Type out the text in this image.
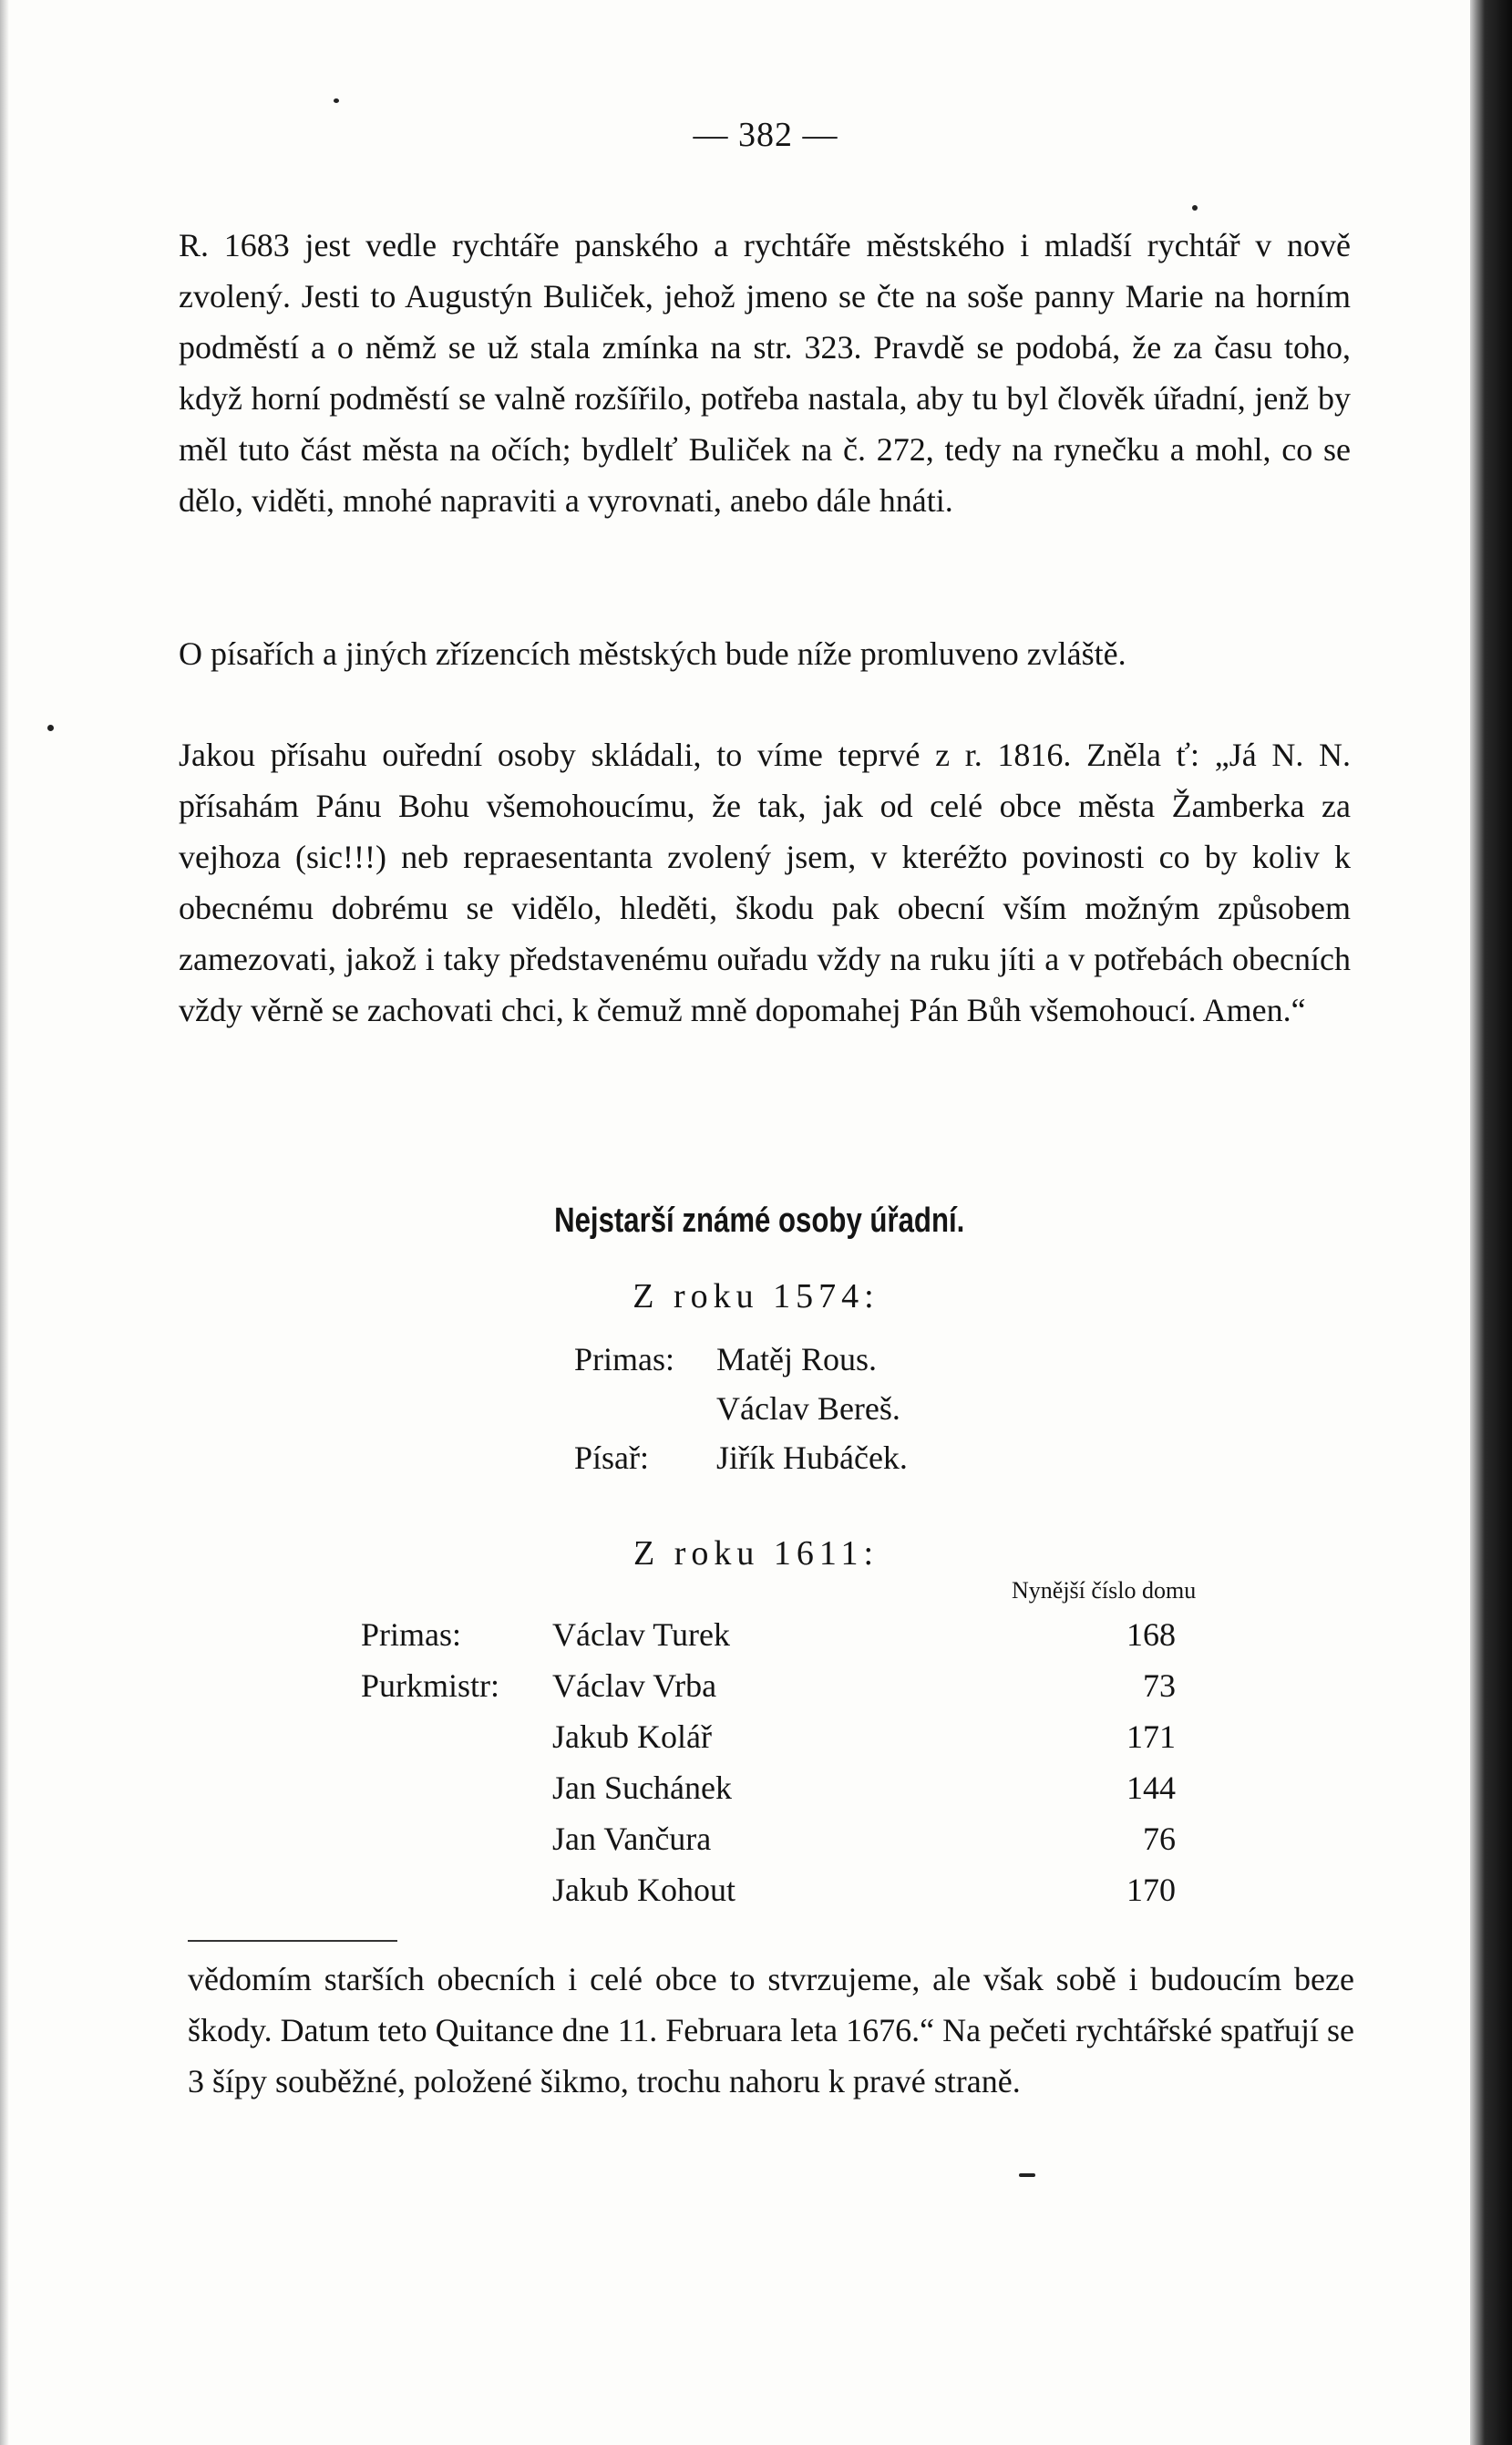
— 382 —

R. 1683 jest vedle rychtáře panského a rychtáře městského i mladší rychtář v nově zvolený. Jesti to Augustýn Buliček, jehož jmeno se čte na soše panny Marie na horním podměstí a o němž se už stala zmínka na str. 323. Pravdě se podobá, že za času toho, když horní podměstí se valně rozšířilo, potřeba nastala, aby tu byl člověk úřadní, jenž by měl tuto část města na očích; bydlelť Buliček na č. 272, tedy na rynečku a mohl, co se dělo, viděti, mnohé napraviti a vyrovnati, anebo dále hnáti.

O písařích a jiných zřízencích městských bude níže promluveno zvláště.

Jakou přísahu ouřední osoby skládali, to víme teprvé z r. 1816. Zněla ť: „Já N. N. přísahám Pánu Bohu všemohoucímu, že tak, jak od celé obce města Žamberka za vejhoza (sic!!!) neb repraesentanta zvolený jsem, v kteréžto povinosti co by koliv k obecnému dobrému se vidělo, hleděti, škodu pak obecní vším možným způsobem zamezovati, jakož i taky představenému ouřadu vždy na ruku jíti a v potřebách obecních vždy věrně se zachovati chci, k čemuž mně dopomahej Pán Bůh všemohoucí. Amen.“

Nejstarší známé osoby úřadní.
Z roku 1574:
Primas: Matěj Rous.
Václav Bereš.
Písař: Jiřík Hubáček.
Z roku 1611:
Nynější číslo domu
Primas:	Václav Turek	168
Purkmistr: Václav Vrba	73
Jakub Kolář	171
Jan Suchánek	144
Jan Vančura	76
Jakub Kohout	170

vědomím starších obecních i celé obce to stvrzujeme, ale však sobě i budoucím beze škody. Datum teto Quitance dne 11. Februara leta 1676.“ Na pečeti rychtářské spatřují se 3 šípy souběžné, položené šikmo, trochu nahoru k pravé straně.
